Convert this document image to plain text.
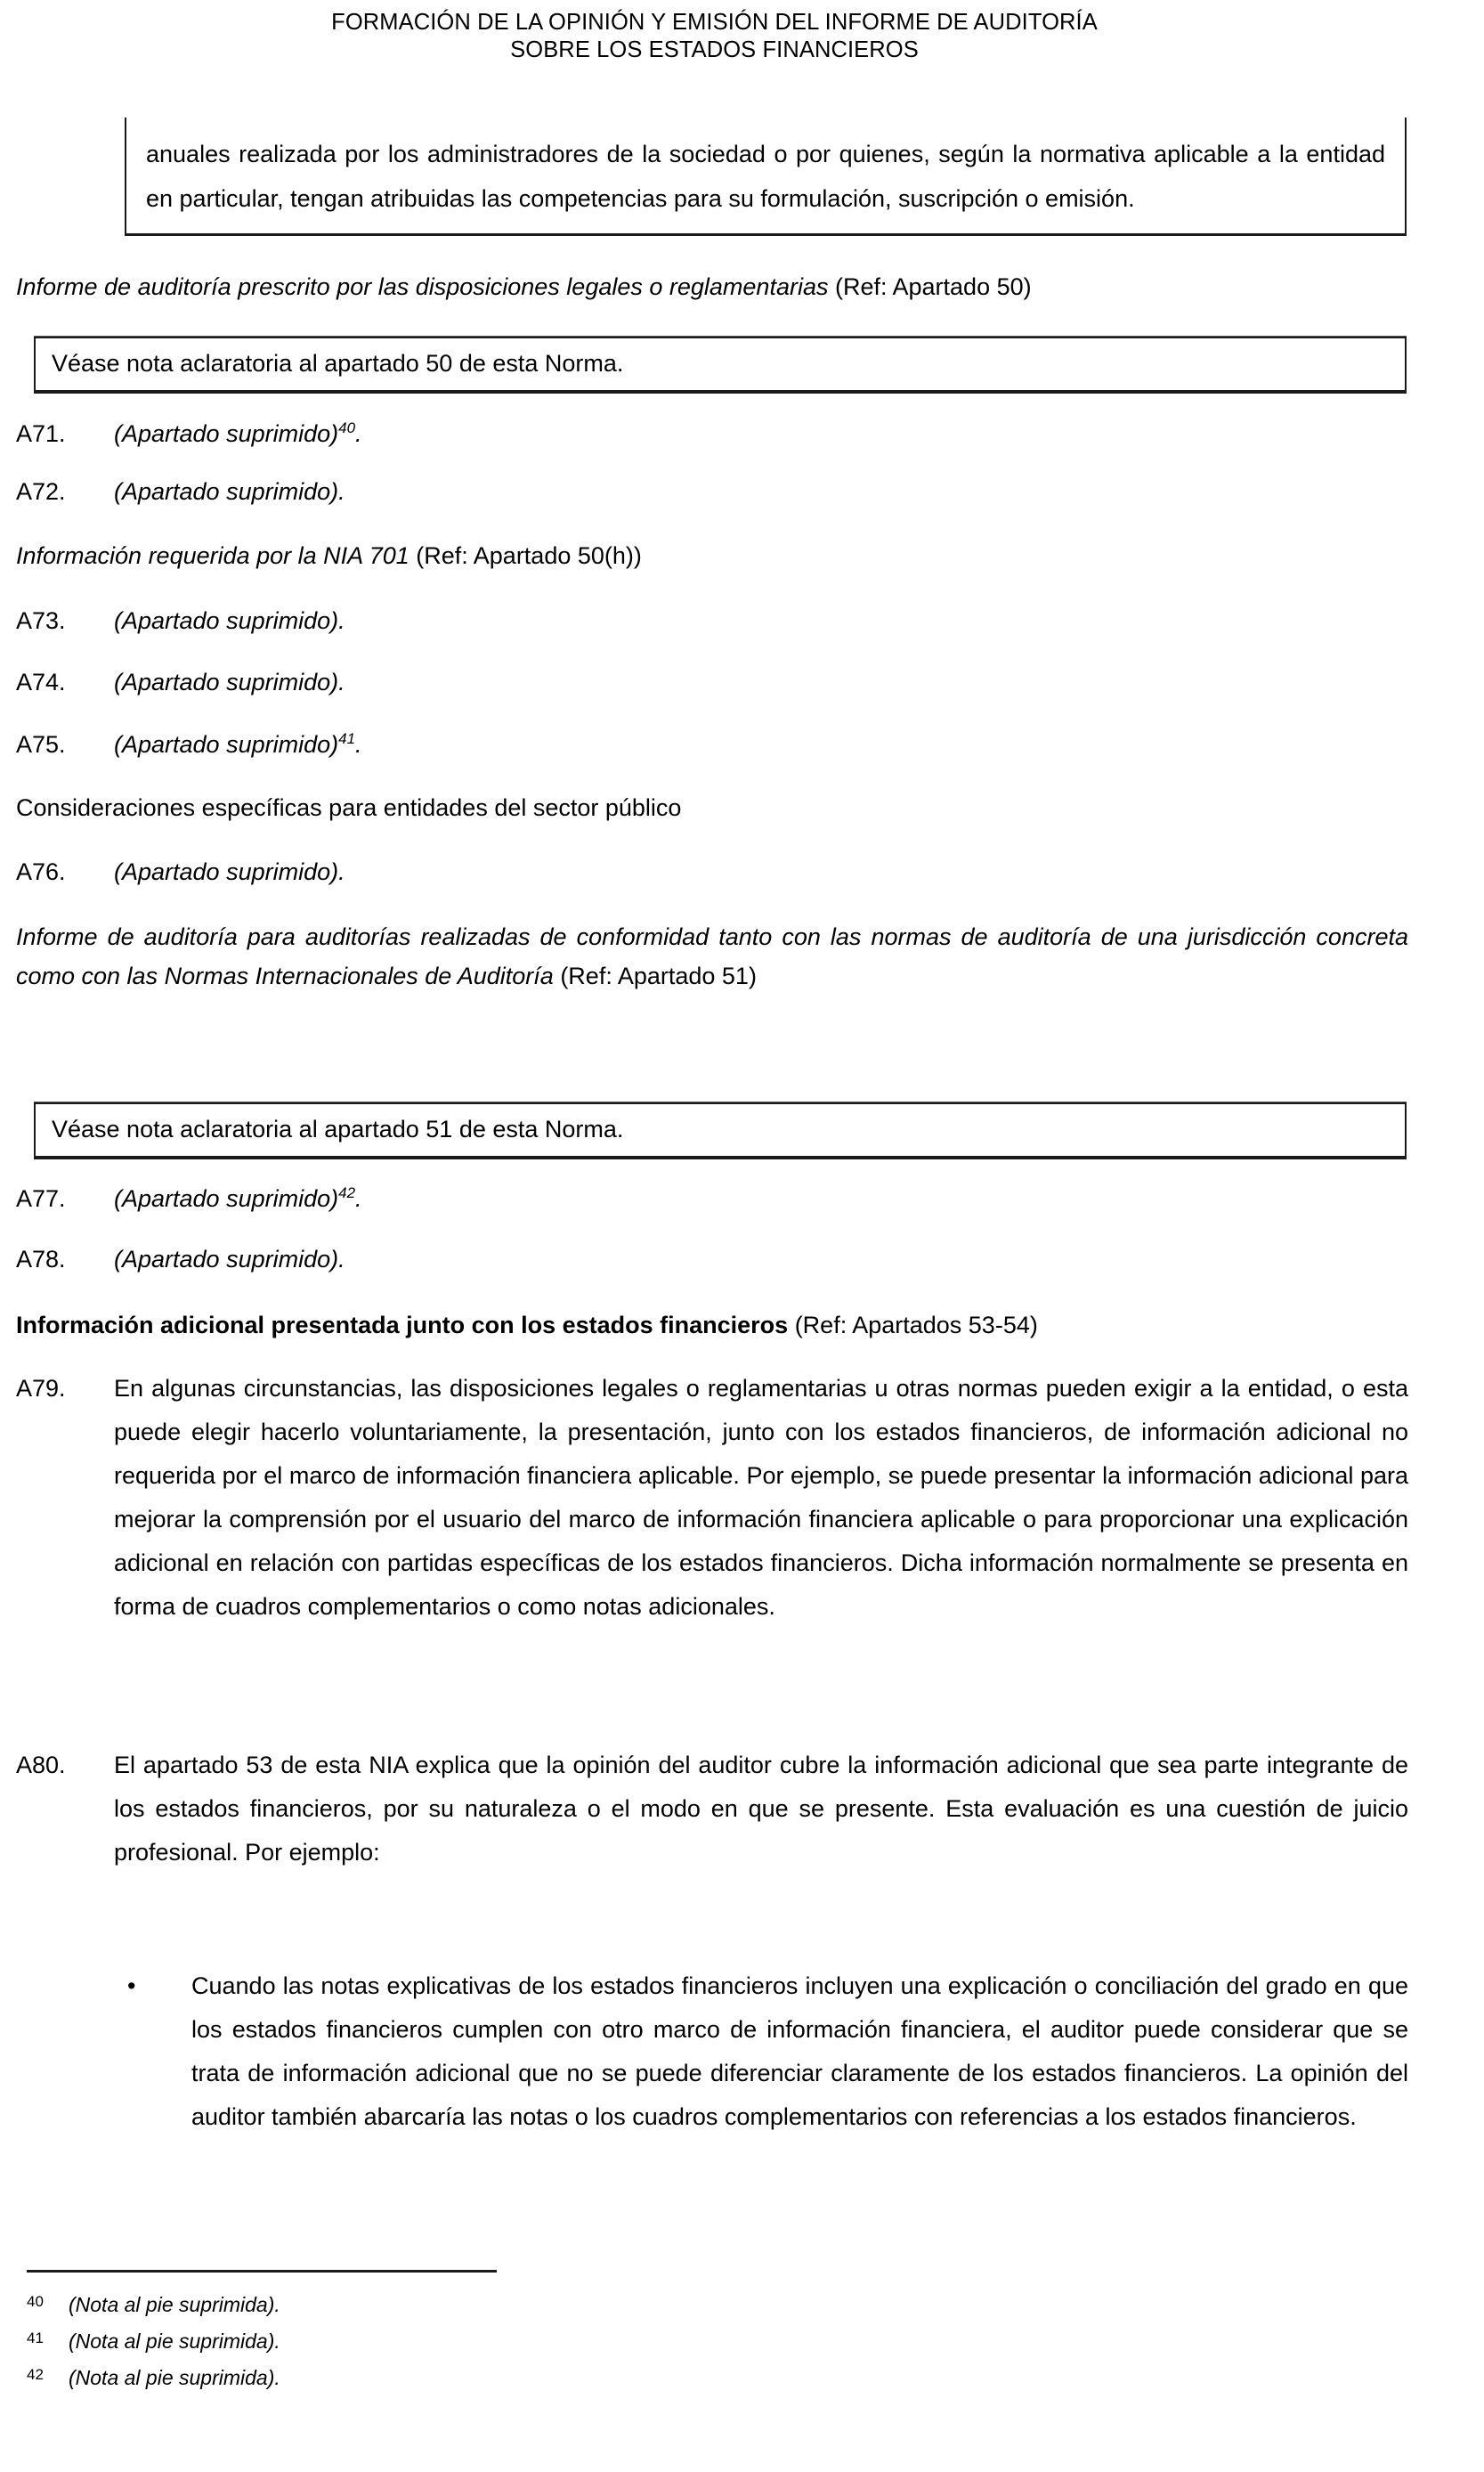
FORMACIÓN DE LA OPINIÓN Y EMISIÓN DEL INFORME DE AUDITORÍA
SOBRE LOS ESTADOS FINANCIEROS

anuales realizada por los administradores de la sociedad o por quienes, según la normativa aplicable a la entidad en particular, tengan atribuidas las competencias para su formulación, suscripción o emisión.

Informe de auditoría prescrito por las disposiciones legales o reglamentarias (Ref: Apartado 50)

Véase nota aclaratoria al apartado 50 de esta Norma.

A71.	(Apartado suprimido)$^{40}$.
A72.	(Apartado suprimido).
Información requerida por la NIA 701 (Ref: Apartado 50(h))
A73.	(Apartado suprimido).
A74.	(Apartado suprimido).
A75.	(Apartado suprimido)$^{41}$.
Consideraciones específicas para entidades del sector público
A76.	(Apartado suprimido).
Informe de auditoría para auditorías realizadas de conformidad tanto con las normas de auditoría de una jurisdicción concreta como con las Normas Internacionales de Auditoría (Ref: Apartado 51)

Véase nota aclaratoria al apartado 51 de esta Norma.

A77.	(Apartado suprimido)$^{42}$.
A78.	(Apartado suprimido).
Información adicional presentada junto con los estados financieros (Ref: Apartados 53-54)
A79.	En algunas circunstancias, las disposiciones legales o reglamentarias u otras normas pueden exigir a la entidad, o esta puede elegir hacerlo voluntariamente, la presentación, junto con los estados financieros, de información adicional no requerida por el marco de información financiera aplicable. Por ejemplo, se puede presentar la información adicional para mejorar la comprensión por el usuario del marco de información financiera aplicable o para proporcionar una explicación adicional en relación con partidas específicas de los estados financieros. Dicha información normalmente se presenta en forma de cuadros complementarios o como notas adicionales.
A80.	El apartado 53 de esta NIA explica que la opinión del auditor cubre la información adicional que sea parte integrante de los estados financieros, por su naturaleza o el modo en que se presente. Esta evaluación es una cuestión de juicio profesional. Por ejemplo:
• Cuando las notas explicativas de los estados financieros incluyen una explicación o conciliación del grado en que los estados financieros cumplen con otro marco de información financiera, el auditor puede considerar que se trata de información adicional que no se puede diferenciar claramente de los estados financieros. La opinión del auditor también abarcaría las notas o los cuadros complementarios con referencias a los estados financieros.
40 (Nota al pie suprimida).
41 (Nota al pie suprimida).
42 (Nota al pie suprimida).
